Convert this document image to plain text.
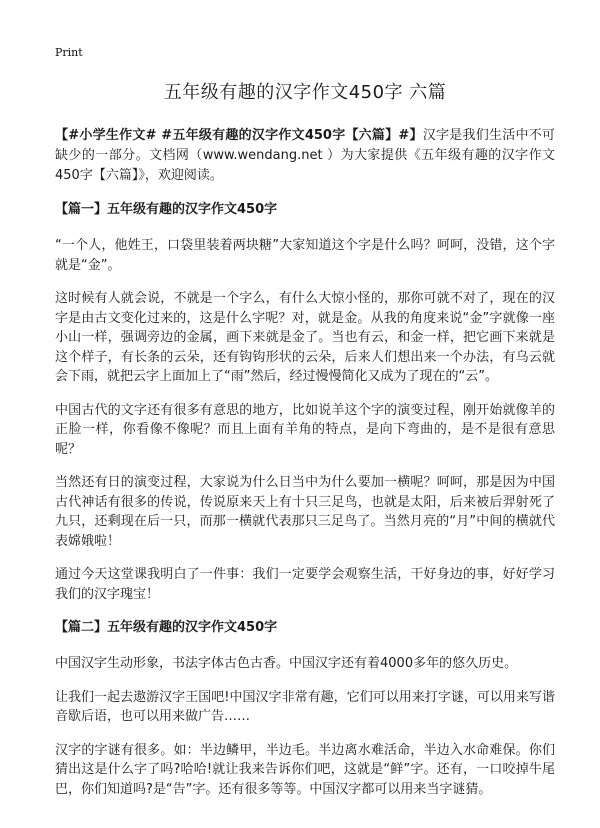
Print
五年级有趣的汉字作文450字 六篇

【#小学生作文# #五年级有趣的汉字作文450字【六篇】#】汉字是我们生活中不可缺少的一部分。文档网（www.wendang.net ）为大家提供《五年级有趣的汉字作文450字【六篇】》，欢迎阅读。

【篇一】五年级有趣的汉字作文450字

“一个人，他姓王，口袋里装着两块糖”大家知道这个字是什么吗？呵呵，没错，这个字就是“金”。

这时候有人就会说，不就是一个字么，有什么大惊小怪的，那你可就不对了，现在的汉字是由古文变化过来的，这是什么字呢？对，就是金。从我的角度来说“金”字就像一座小山一样，强调旁边的金属，画下来就是金了。当也有云，和金一样，把它画下来就是这个样子，有长条的云朵，还有钩钩形状的云朵，后来人们想出来一个办法，有乌云就会下雨，就把云字上面加上了“雨”然后，经过慢慢简化又成为了现在的“云”。

中国古代的文字还有很多有意思的地方，比如说羊这个字的演变过程，刚开始就像羊的正脸一样，你看像不像呢？而且上面有羊角的特点，是向下弯曲的，是不是很有意思呢？

当然还有日的演变过程，大家说为什么日当中为什么要加一横呢？呵呵，那是因为中国古代神话有很多的传说，传说原来天上有十只三足鸟，也就是太阳，后来被后羿射死了九只，还剩现在后一只，而那一横就代表那只三足鸟了。当然月亮的“月”中间的横就代表嫦娥啦！

通过今天这堂课我明白了一件事：我们一定要学会观察生活，干好身边的事，好好学习我们的汉字瑰宝！

【篇二】五年级有趣的汉字作文450字

中国汉字生动形象，书法字体古色古香。中国汉字还有着4000多年的悠久历史。

让我们一起去遨游汉字王国吧!中国汉字非常有趣，它们可以用来打字谜，可以用来写谐音歇后语，也可以用来做广告……

汉字的字谜有很多。如：半边鳞甲，半边毛。半边离水难活命，半边入水命难保。你们猜出这是什么字了吗?哈哈!就让我来告诉你们吧，这就是“鲜”字。还有，一口咬掉牛尾巴，你们知道吗?是“告”字。还有很多等等。中国汉字都可以用来当字谜猜。
